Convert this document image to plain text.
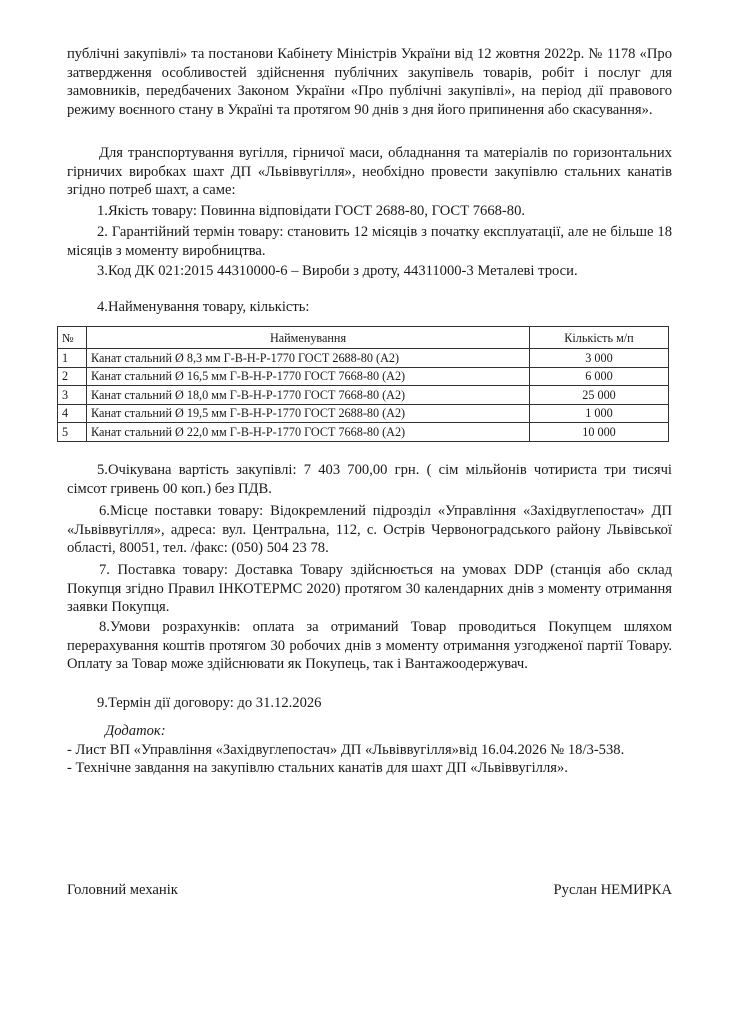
публічні закупівлі» та постанови Кабінету Міністрів України від 12 жовтня 2022р. № 1178 «Про затвердження особливостей здійснення публічних закупівель товарів, робіт і послуг для замовників, передбачених Законом України «Про публічні закупівлі», на період дії правового режиму воєнного стану в Україні та протягом 90 днів з дня його припинення або скасування».

Для транспортування вугілля, гірничої маси, обладнання та матеріалів по горизонтальних гірничих виробках шахт ДП «Львіввугілля», необхідно провести закупівлю стальних канатів згідно потреб шахт, а саме:

1.Якість товару: Повинна відповідати ГОСТ 2688-80, ГОСТ 7668-80.

2. Гарантійний термін товару: становить 12 місяців з початку експлуатації, але не більше 18 місяців з моменту виробництва.

3.Код ДК 021:2015 44310000-6 – Вироби з дроту, 44311000-3 Металеві троси.

4.Найменування товару, кількість:

№	Найменування	Кількість м/п
1	Канат стальний Ø 8,3 мм Г-В-Н-Р-1770 ГОСТ 2688-80 (А2)	3 000
2	Канат стальний Ø 16,5 мм Г-В-Н-Р-1770 ГОСТ 7668-80 (А2)	6 000
3	Канат стальний Ø 18,0 мм Г-В-Н-Р-1770 ГОСТ 7668-80 (А2)	25 000
4	Канат стальний Ø 19,5 мм Г-В-Н-Р-1770 ГОСТ 2688-80 (А2)	1 000
5	Канат стальний Ø 22,0 мм Г-В-Н-Р-1770 ГОСТ 7668-80 (А2)	10 000

5.Очікувана вартість закупівлі: 7 403 700,00 грн. ( сім мільйонів чотириста три тисячі сімсот гривень 00 коп.) без ПДВ.

6.Місце поставки товару: Відокремлений підрозділ «Управління «Західвуглепостач» ДП «Львіввугілля», адреса: вул. Центральна, 112, с. Острів Червоноградського району Львівської області, 80051, тел. /факс: (050) 504 23 78.

7. Поставка товару: Доставка Товару здійснюється на умовах DDP (станція або склад Покупця згідно Правил ІНКОТЕРМС 2020) протягом 30 календарних днів з моменту отримання заявки Покупця.

8.Умови розрахунків: оплата за отриманий Товар проводиться Покупцем шляхом перерахування коштів протягом 30 робочих днів з моменту отримання узгодженої партії Товару. Оплату за Товар може здійснювати як Покупець, так і Вантажоодержувач.

9.Термін дії договору: до 31.12.2026

Додаток:

- Лист ВП «Управління «Західвуглепостач» ДП «Львіввугілля»від 16.04.2026 № 18/3-538.

- Технічне завдання на закупівлю стальних канатів для шахт ДП «Львіввугілля».

Головний механік	Руслан НЕМИРКА
